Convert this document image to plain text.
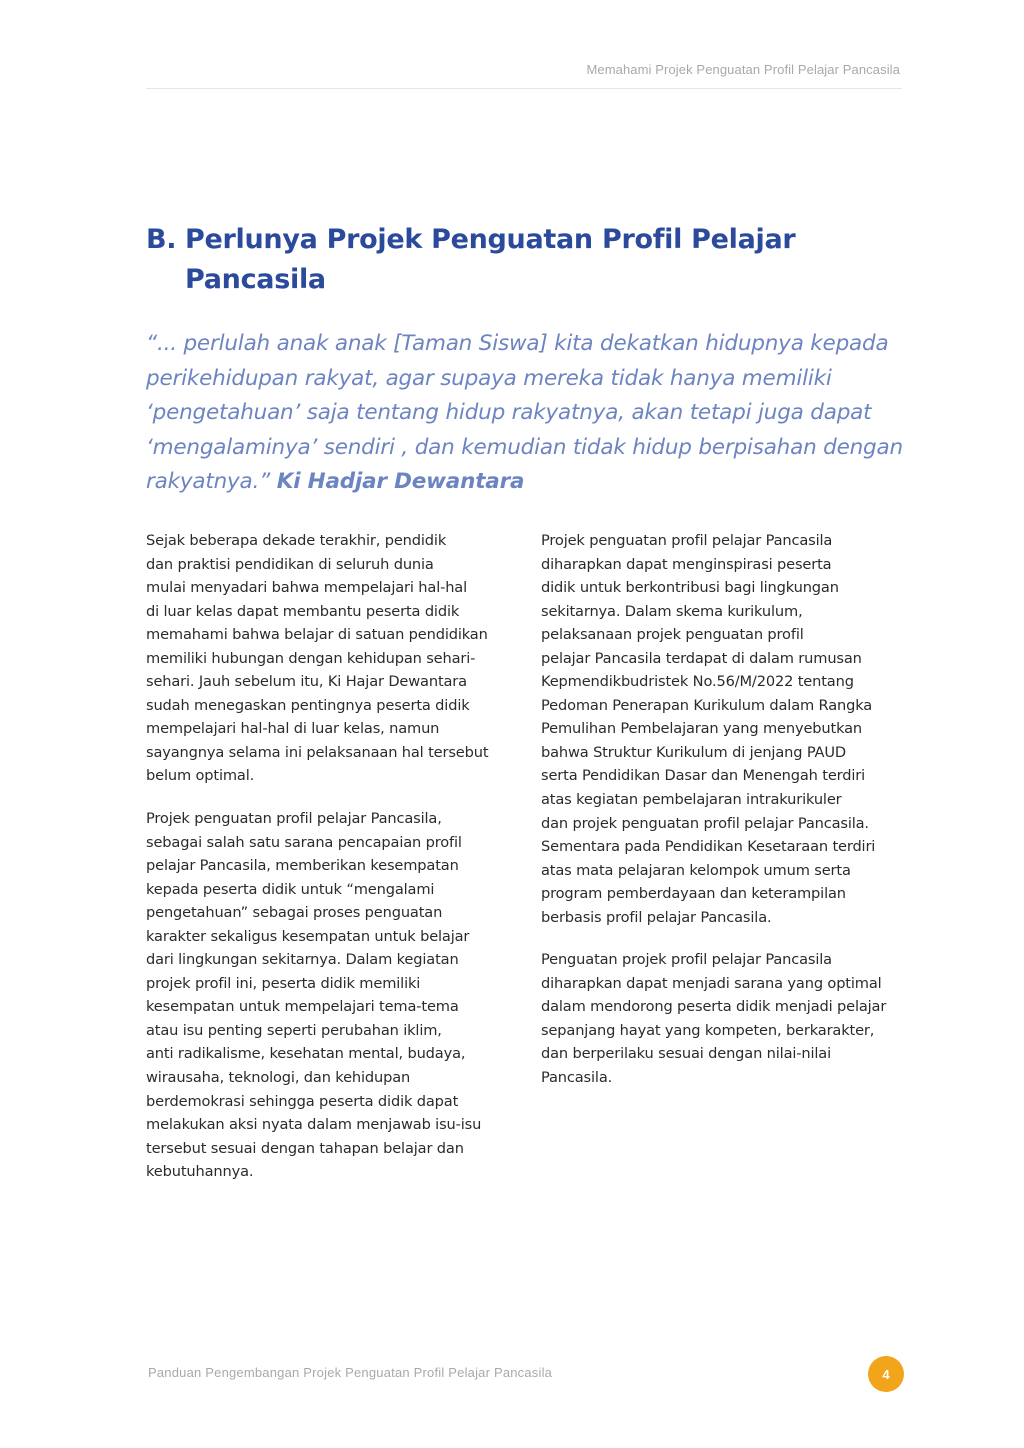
Memahami Projek Penguatan Profil Pelajar Pancasila
B. Perlunya Projek Penguatan Profil Pelajar Pancasila
“... perlulah anak anak [Taman Siswa] kita dekatkan hidupnya kepada perikehidupan rakyat, agar supaya mereka tidak hanya memiliki ‘pengetahuan’ saja tentang hidup rakyatnya, akan tetapi juga dapat ‘mengalaminya’ sendiri , dan kemudian tidak hidup berpisahan dengan rakyatnya.” Ki Hadjar Dewantara

Sejak beberapa dekade terakhir, pendidik
dan praktisi pendidikan di seluruh dunia
mulai menyadari bahwa mempelajari hal-hal
di luar kelas dapat membantu peserta didik
memahami bahwa belajar di satuan pendidikan
memiliki hubungan dengan kehidupan sehari-
sehari. Jauh sebelum itu, Ki Hajar Dewantara
sudah menegaskan pentingnya peserta didik
mempelajari hal-hal di luar kelas, namun
sayangnya selama ini pelaksanaan hal tersebut
belum optimal.

Projek penguatan profil pelajar Pancasila,
sebagai salah satu sarana pencapaian profil
pelajar Pancasila, memberikan kesempatan
kepada peserta didik untuk “mengalami
pengetahuan” sebagai proses penguatan
karakter sekaligus kesempatan untuk belajar
dari lingkungan sekitarnya. Dalam kegiatan
projek profil ini, peserta didik memiliki
kesempatan untuk mempelajari tema-tema
atau isu penting seperti perubahan iklim,
anti radikalisme, kesehatan mental, budaya,
wirausaha, teknologi, dan kehidupan
berdemokrasi sehingga peserta didik dapat
melakukan aksi nyata dalam menjawab isu-isu
tersebut sesuai dengan tahapan belajar dan
kebutuhannya.

Projek penguatan profil pelajar Pancasila
diharapkan dapat menginspirasi peserta
didik untuk berkontribusi bagi lingkungan
sekitarnya. Dalam skema kurikulum,
pelaksanaan projek penguatan profil
pelajar Pancasila terdapat di dalam rumusan
Kepmendikbudristek No.56/M/2022 tentang
Pedoman Penerapan Kurikulum dalam Rangka
Pemulihan Pembelajaran yang menyebutkan
bahwa Struktur Kurikulum di jenjang PAUD
serta Pendidikan Dasar dan Menengah terdiri
atas kegiatan pembelajaran intrakurikuler
dan projek penguatan profil pelajar Pancasila.
Sementara pada Pendidikan Kesetaraan terdiri
atas mata pelajaran kelompok umum serta
program pemberdayaan dan keterampilan
berbasis profil pelajar Pancasila.

Penguatan projek profil pelajar Pancasila
diharapkan dapat menjadi sarana yang optimal
dalam mendorong peserta didik menjadi pelajar
sepanjang hayat yang kompeten, berkarakter,
dan berperilaku sesuai dengan nilai-nilai
Pancasila.

Panduan Pengembangan Projek Penguatan Profil Pelajar Pancasila	4
